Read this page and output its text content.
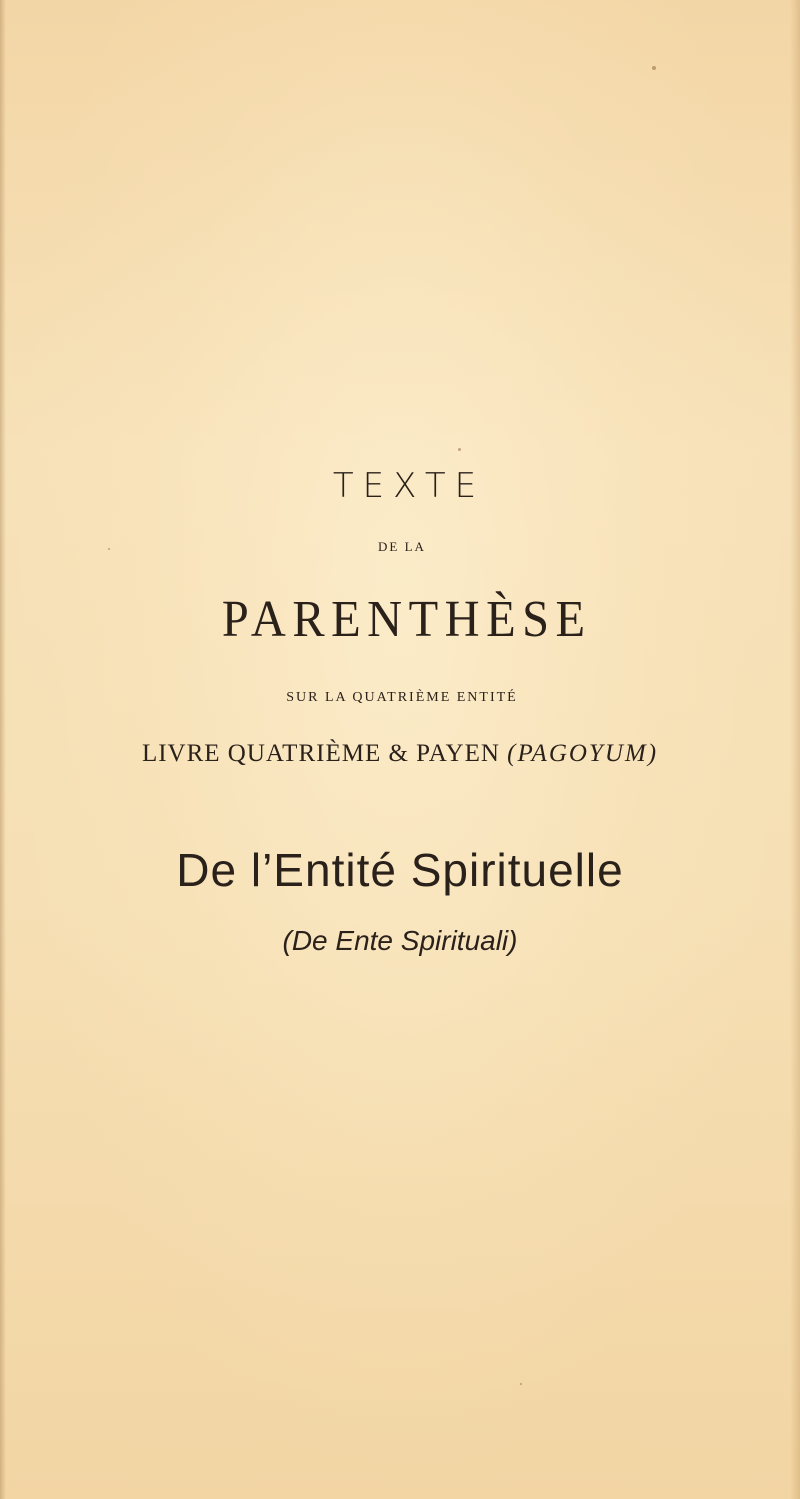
TEXTE
DE LA
PARENTHÈSE
SUR LA QUATRIÈME ENTITÉ
LIVRE QUATRIÈME & PAYEN (PAGOYUM)
De l’Entité Spirituelle
(De Ente Spirituali)
